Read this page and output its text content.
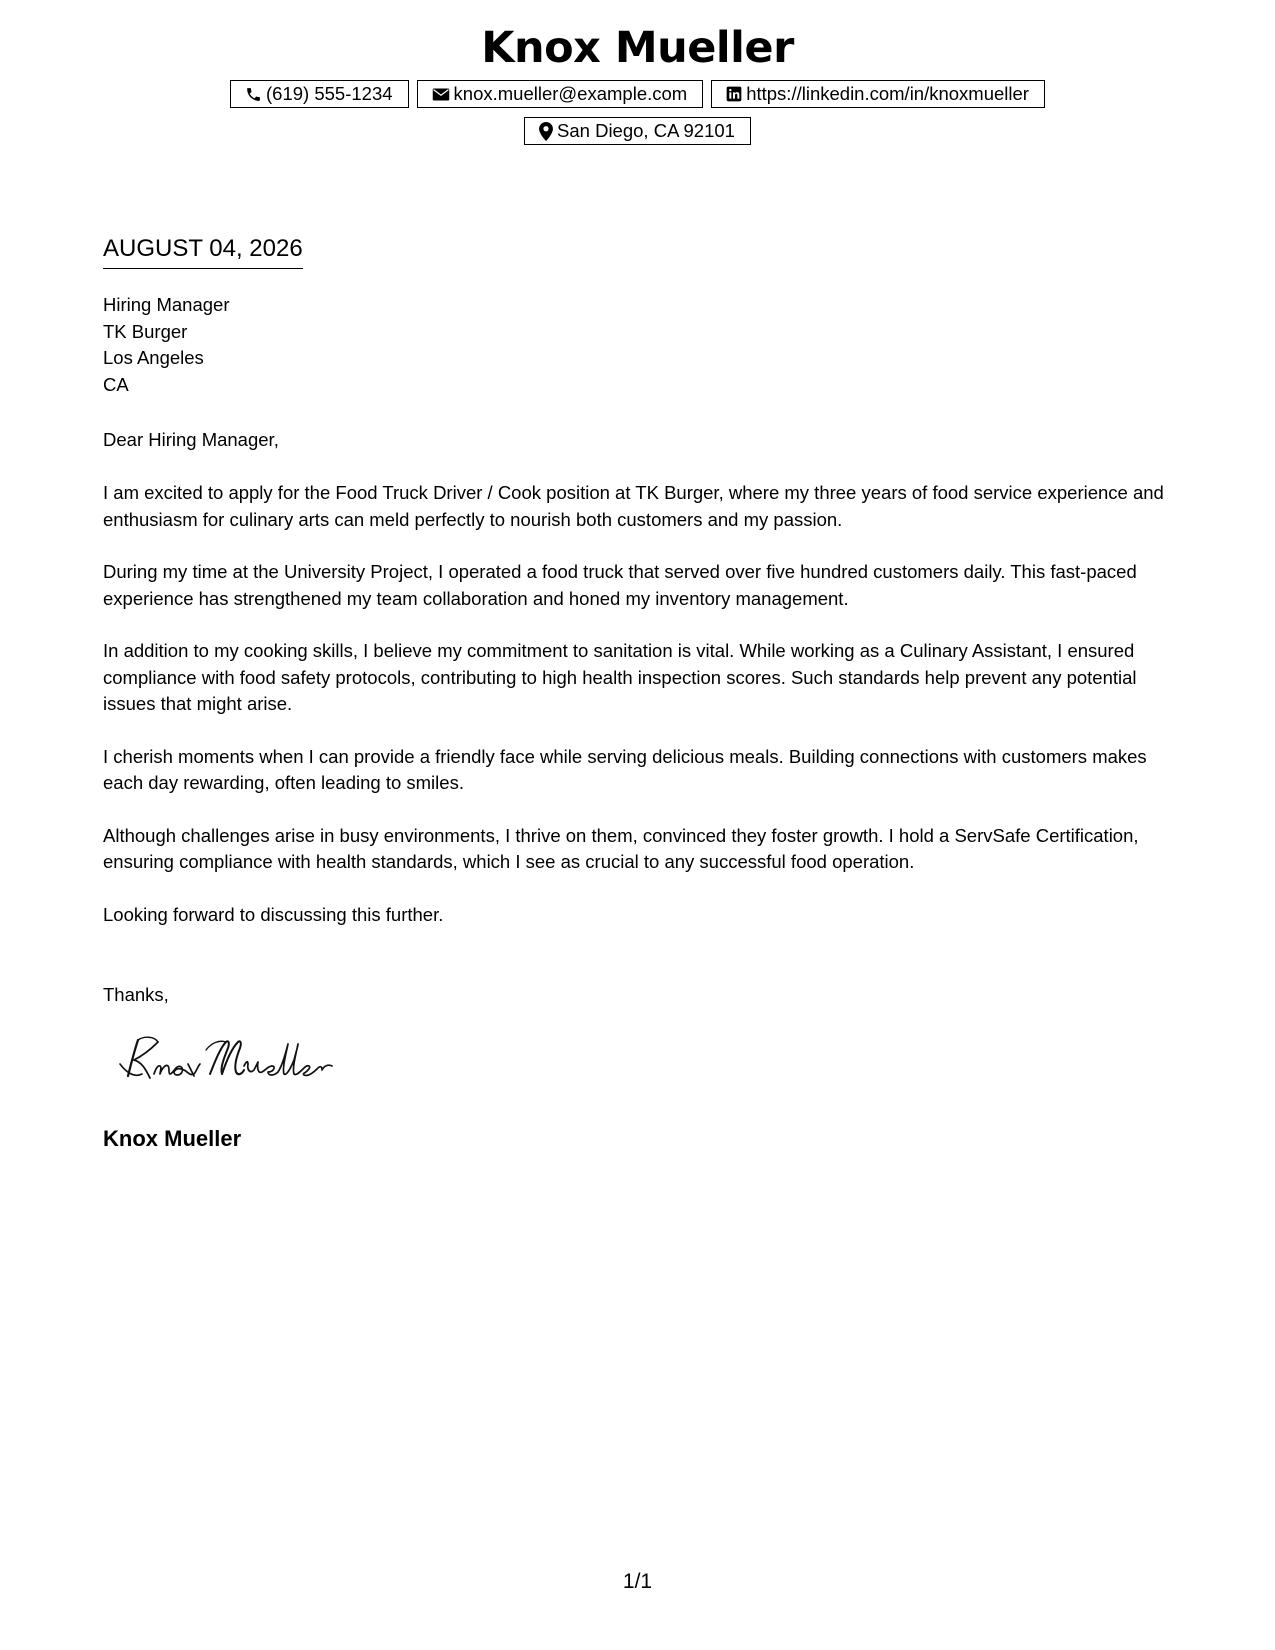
Knox Mueller
(619) 555-1234	knox.mueller@example.com	https://linkedin.com/in/knoxmueller
San Diego, CA 92101
AUGUST 04, 2026
Hiring Manager
TK Burger
Los Angeles
CA
Dear Hiring Manager,

I am excited to apply for the Food Truck Driver / Cook position at TK Burger, where my three years of food service experience and enthusiasm for culinary arts can meld perfectly to nourish both customers and my passion.

During my time at the University Project, I operated a food truck that served over five hundred customers daily. This fast-paced experience has strengthened my team collaboration and honed my inventory management.

In addition to my cooking skills, I believe my commitment to sanitation is vital. While working as a Culinary Assistant, I ensured compliance with food safety protocols, contributing to high health inspection scores. Such standards help prevent any potential issues that might arise.

I cherish moments when I can provide a friendly face while serving delicious meals. Building connections with customers makes each day rewarding, often leading to smiles.

Although challenges arise in busy environments, I thrive on them, convinced they foster growth. I hold a ServSafe Certification, ensuring compliance with health standards, which I see as crucial to any successful food operation.

Looking forward to discussing this further.

Thanks,
Knox Mueller
1/1
